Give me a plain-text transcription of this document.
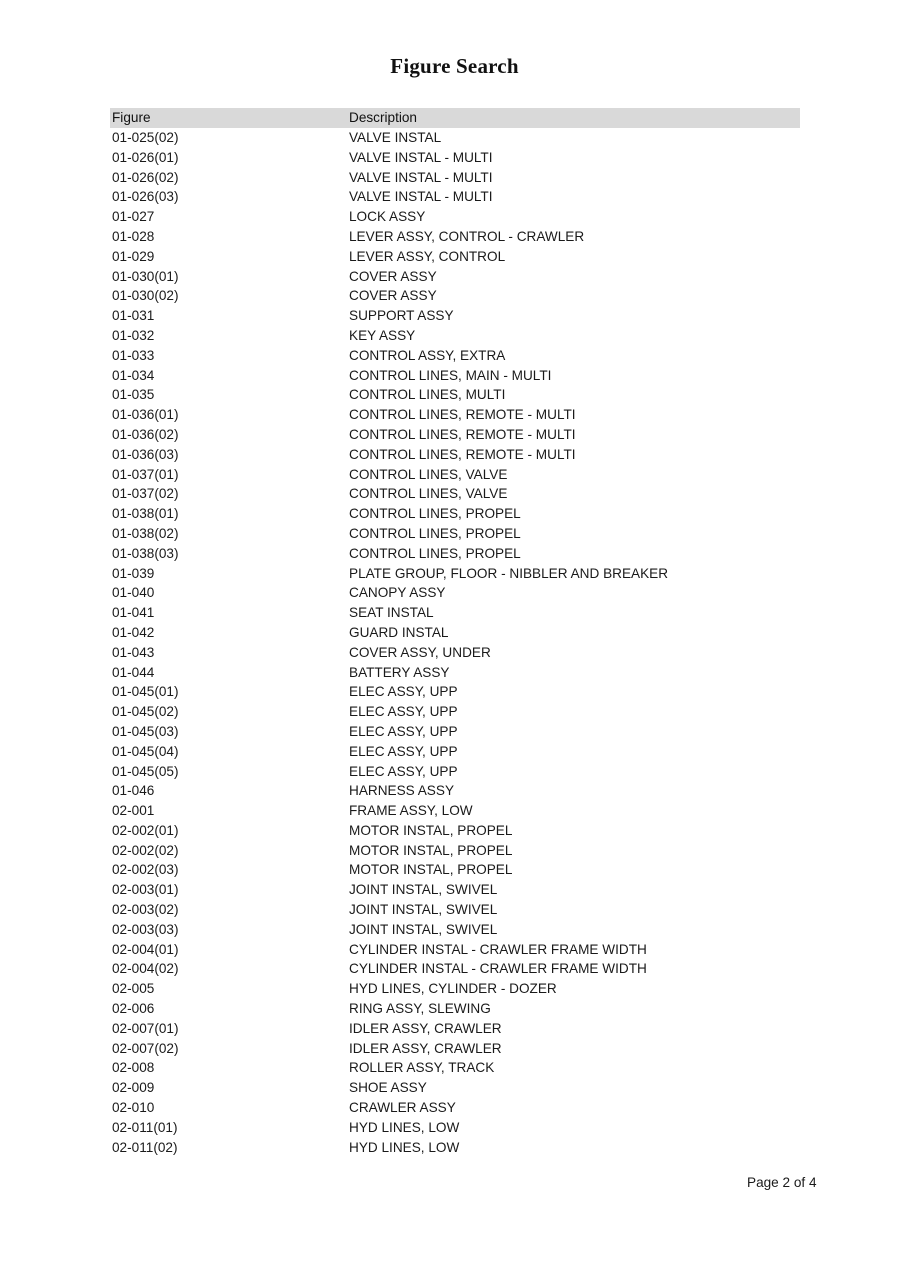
Figure Search
Figure	Description
01-025(02)	VALVE INSTAL
01-026(01)	VALVE INSTAL - MULTI
01-026(02)	VALVE INSTAL - MULTI
01-026(03)	VALVE INSTAL - MULTI
01-027	LOCK ASSY
01-028	LEVER ASSY, CONTROL - CRAWLER
01-029	LEVER ASSY, CONTROL
01-030(01)	COVER ASSY
01-030(02)	COVER ASSY
01-031	SUPPORT ASSY
01-032	KEY ASSY
01-033	CONTROL ASSY, EXTRA
01-034	CONTROL LINES, MAIN - MULTI
01-035	CONTROL LINES, MULTI
01-036(01)	CONTROL LINES, REMOTE - MULTI
01-036(02)	CONTROL LINES, REMOTE - MULTI
01-036(03)	CONTROL LINES, REMOTE - MULTI
01-037(01)	CONTROL LINES, VALVE
01-037(02)	CONTROL LINES, VALVE
01-038(01)	CONTROL LINES, PROPEL
01-038(02)	CONTROL LINES, PROPEL
01-038(03)	CONTROL LINES, PROPEL
01-039	PLATE GROUP, FLOOR - NIBBLER AND BREAKER
01-040	CANOPY ASSY
01-041	SEAT INSTAL
01-042	GUARD INSTAL
01-043	COVER ASSY, UNDER
01-044	BATTERY ASSY
01-045(01)	ELEC ASSY, UPP
01-045(02)	ELEC ASSY, UPP
01-045(03)	ELEC ASSY, UPP
01-045(04)	ELEC ASSY, UPP
01-045(05)	ELEC ASSY, UPP
01-046	HARNESS ASSY
02-001	FRAME ASSY, LOW
02-002(01)	MOTOR INSTAL, PROPEL
02-002(02)	MOTOR INSTAL, PROPEL
02-002(03)	MOTOR INSTAL, PROPEL
02-003(01)	JOINT INSTAL, SWIVEL
02-003(02)	JOINT INSTAL, SWIVEL
02-003(03)	JOINT INSTAL, SWIVEL
02-004(01)	CYLINDER INSTAL - CRAWLER FRAME WIDTH
02-004(02)	CYLINDER INSTAL - CRAWLER FRAME WIDTH
02-005	HYD LINES, CYLINDER - DOZER
02-006	RING ASSY, SLEWING
02-007(01)	IDLER ASSY, CRAWLER
02-007(02)	IDLER ASSY, CRAWLER
02-008	ROLLER ASSY, TRACK
02-009	SHOE ASSY
02-010	CRAWLER ASSY
02-011(01)	HYD LINES, LOW
02-011(02)	HYD LINES, LOW
Page 2 of 4
